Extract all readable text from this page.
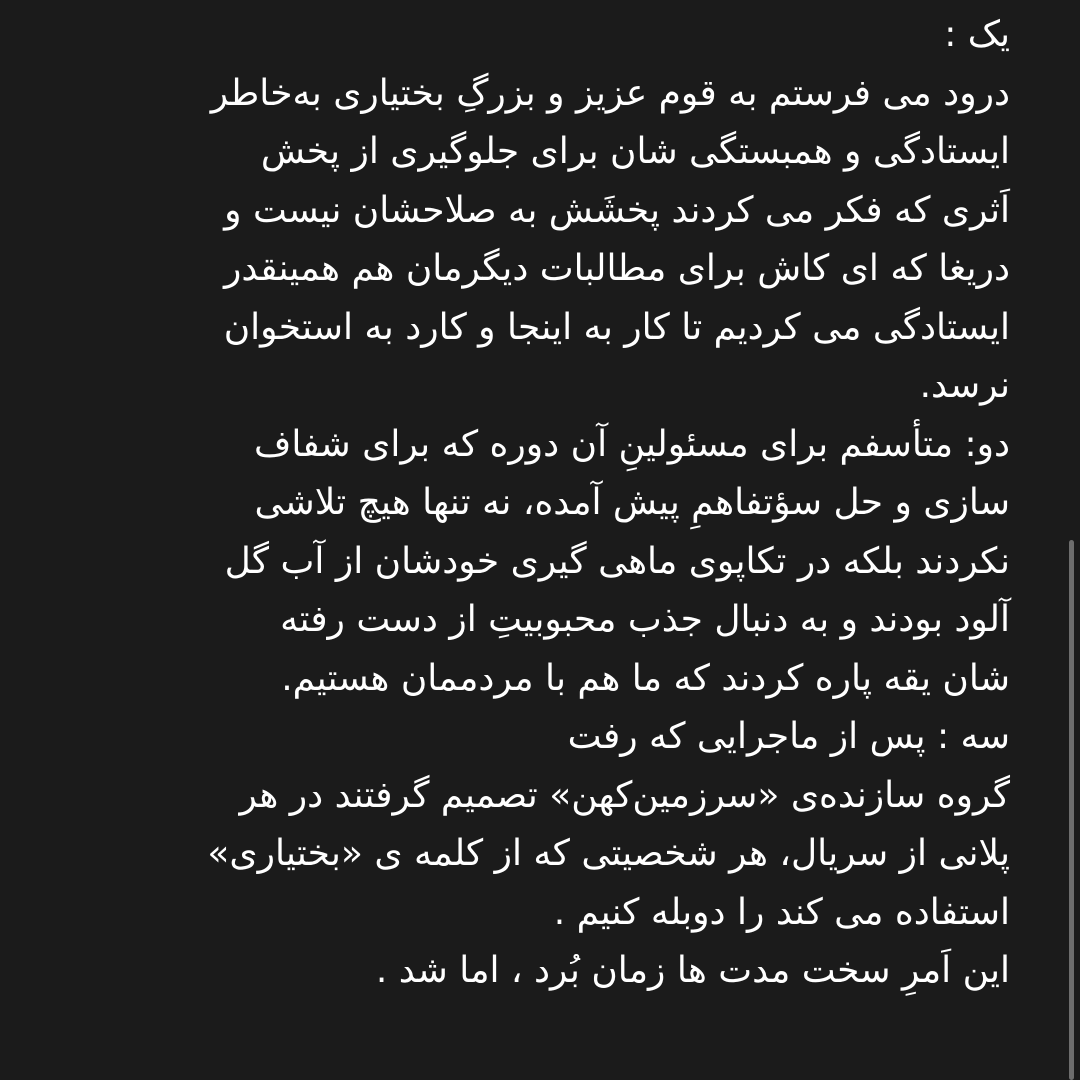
یک :
درود می فرستم به قوم عزیز و بزرگِ بختیاری به‌خاطر
ایستادگی و همبستگی شان برای جلوگیری از پخش
اَثری که فکر می کردند پخشَش به صلاحشان نیست و
دریغا که ای کاش برای مطالبات دیگرمان هم همینقدر
ایستادگی می کردیم تا کار به اینجا و کارد به استخوان
نرسد.
دو: متأسفم برای مسئولینِ آن دوره که برای شفاف
سازی و حل سؤتفاهمِ پیش آمده، نه تنها هیچ تلاشی
نکردند بلکه در تکاپوی ماهی گیری خودشان از آب گل
آلود بودند و به دنبال جذب محبوبیتِ از دست رفته
شان یقه پاره کردند که ما هم با مردممان هستیم.
سه : پس از ماجرایی که رفت
گروه سازنده‌ی «سرزمین‌کهن» تصمیم گرفتند در هر
پلانی از سریال، هر شخصیتی که از کلمه ی «بختیاری»
استفاده می کند را دوبله کنیم .
این اَمرِ سخت مدت ها زمان بُرد ، اما شد .
